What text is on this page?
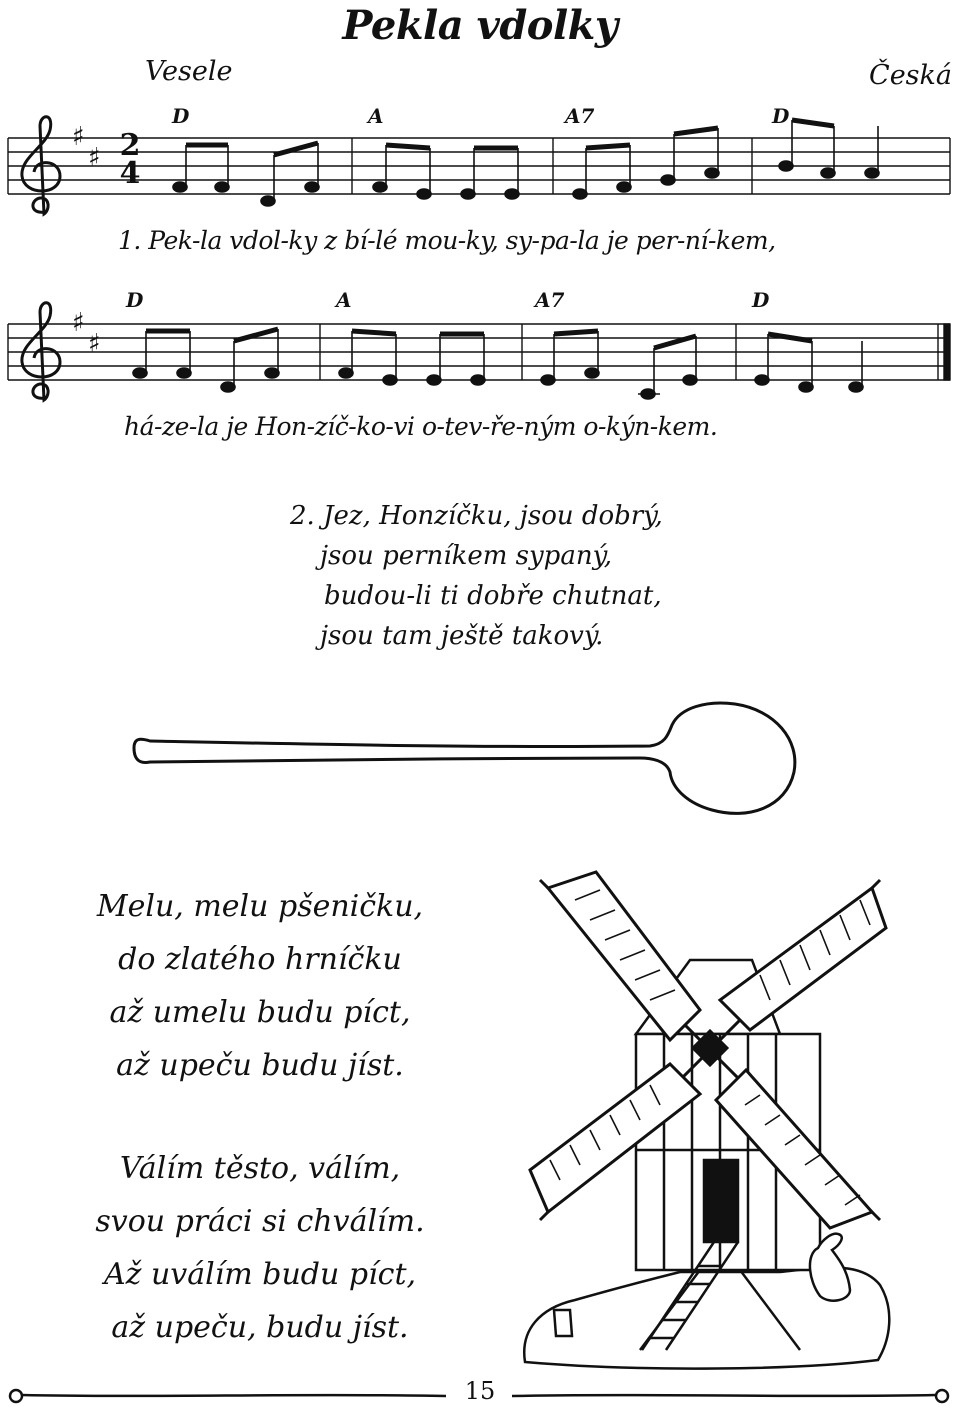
Pekla vdolky
Vesele	Česká
D	A	A7	D
D	A	A7	D
♯
♯
♯
♯
1. Pek-la vdol-ky z bí-lé mou-ky, sy-pa-la je per-ní-kem,
há-ze-la je Hon-zíč-ko-vi o-tev-ře-ným o-kýn-kem.
2
4
2. Jez, Honzíčku, jsou dobrý,
jsou perníkem sypaný,
budou-li ti dobře chutnat,
jsou tam ještě takový.
Melu, melu pšeničku,
do zlatého hrníčku
až umelu budu píct,
až upeču budu jíst.
Válím těsto, válím,
svou práci si chválím.
Až uválím budu píct,
až upeču, budu jíst.
15
